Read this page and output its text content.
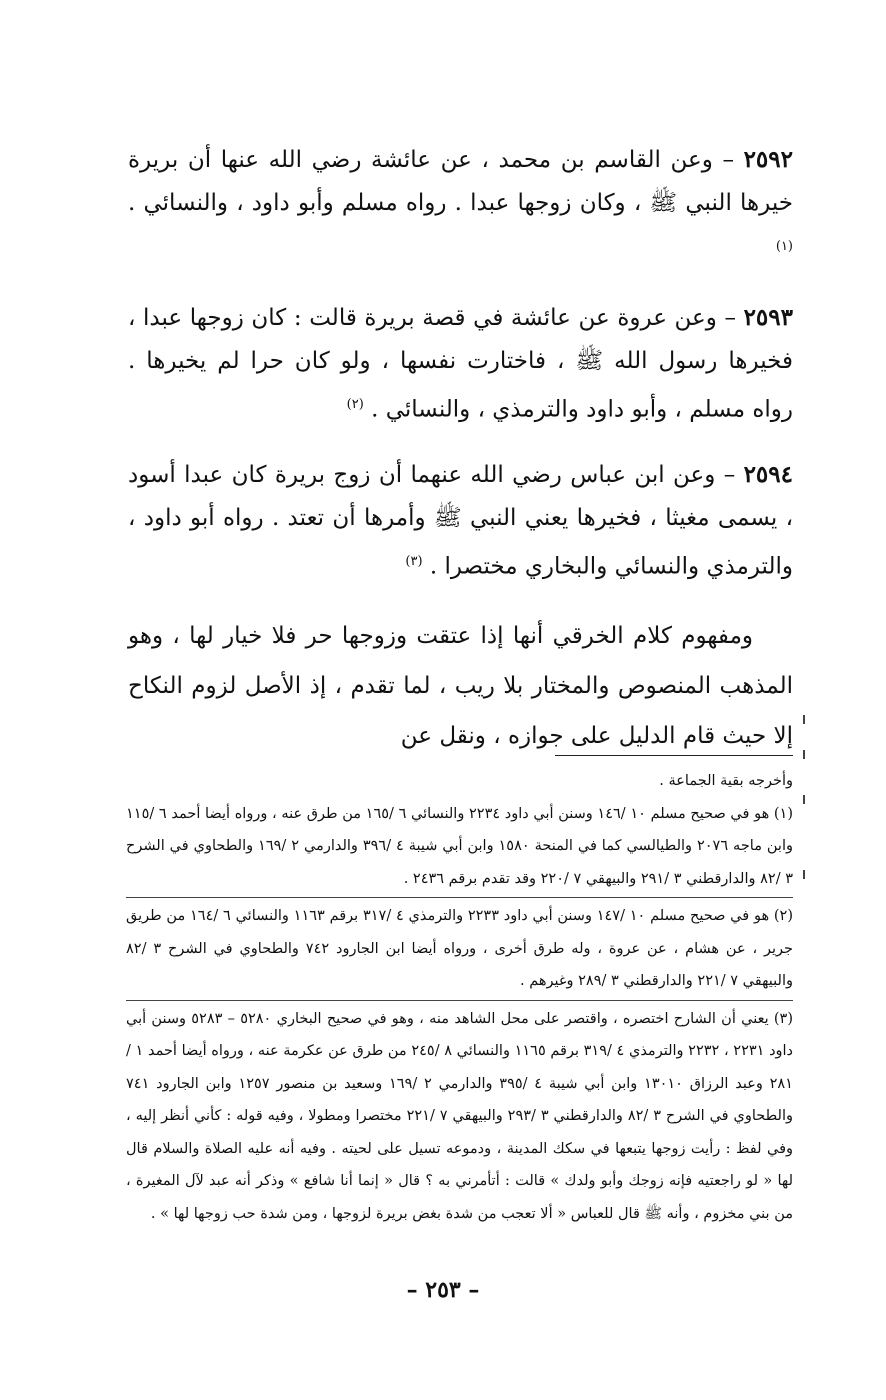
٢٥٩٢ – وعن القاسم بن محمد ، عن عائشة رضي الله عنها أن بريرة خيرها النبي ﷺ ، وكان زوجها عبدا . رواه مسلم وأبو داود ، والنسائي . $^{(١)}$

٢٥٩٣ – وعن عروة عن عائشة في قصة بريرة قالت : كان زوجها عبدا ، فخيرها رسول الله ﷺ ، فاختارت نفسها ، ولو كان حرا لم يخيرها . رواه مسلم ، وأبو داود والترمذي ، والنسائي . $^{(٢)}$

٢٥٩٤ – وعن ابن عباس رضي الله عنهما أن زوج بريرة كان عبدا أسود ، يسمى مغيثا ، فخيرها يعني النبي ﷺ وأمرها أن تعتد . رواه أبو داود ، والترمذي والنسائي والبخاري مختصرا . $^{(٣)}$

ومفهوم كلام الخرقي أنها إذا عتقت وزوجها حر فلا خيار لها ، وهو المذهب المنصوص والمختار بلا ريب ، لما تقدم ، إذ الأصل لزوم النكاح إلا حيث قام الدليل على جوازه ، ونقل عن

وأخرجه بقية الجماعة .

(١) هو في صحيح مسلم ١٠ /١٤٦ وسنن أبي داود ٢٢٣٤ والنسائي ٦ /١٦٥ من طرق عنه ، ورواه أيضا أحمد ٦ /١١٥ وابن ماجه ٢٠٧٦ والطيالسي كما في المنحة ١٥٨٠ وابن أبي شيبة ٤ /٣٩٦ والدارمي ٢ /١٦٩ والطحاوي في الشرح ٣ /٨٢ والدارقطني ٣ /٢٩١ والبيهقي ٧ /٢٢٠ وقد تقدم برقم ٢٤٣٦ .

(٢) هو في صحيح مسلم ١٠ /١٤٧ وسنن أبي داود ٢٢٣٣ والترمذي ٤ /٣١٧ برقم ١١٦٣ والنسائي ٦ /١٦٤ من طريق جرير ، عن هشام ، عن عروة ، وله طرق أخرى ، ورواه أيضا ابن الجارود ٧٤٢ والطحاوي في الشرح ٣ /٨٢ والبيهقي ٧ /٢٢١ والدارقطني ٣ /٢٨٩ وغيرهم .

(٣) يعني أن الشارح اختصره ، واقتصر على محل الشاهد منه ، وهو في صحيح البخاري ٥٢٨٠ – ٥٢٨٣ وسنن أبي داود ٢٢٣١ ، ٢٢٣٢ والترمذي ٤ /٣١٩ برقم ١١٦٥ والنسائي ٨ /٢٤٥ من طرق عن عكرمة عنه ، ورواه أيضا أحمد ١ /٢٨١ وعبد الرزاق ١٣٠١٠ وابن أبي شيبة ٤ /٣٩٥ والدارمي ٢ /١٦٩ وسعيد بن منصور ١٢٥٧ وابن الجارود ٧٤١ والطحاوي في الشرح ٣ /٨٢ والدارقطني ٣ /٢٩٣ والبيهقي ٧ /٢٢١ مختصرا ومطولا ، وفيه قوله : كأني أنظر إليه ، وفي لفظ : رأيت زوجها يتبعها في سكك المدينة ، ودموعه تسيل على لحيته . وفيه أنه عليه الصلاة والسلام قال لها « لو راجعتيه فإنه زوجك وأبو ولدك » قالت : أتأمرني به ؟ قال « إنما أنا شافع » وذكر أنه عبد لآل المغيرة ، من بني مخزوم ، وأنه ﷺ قال للعباس « ألا تعجب من شدة بغض بريرة لزوجها ، ومن شدة حب زوجها لها » .

– ٢٥٣ –
